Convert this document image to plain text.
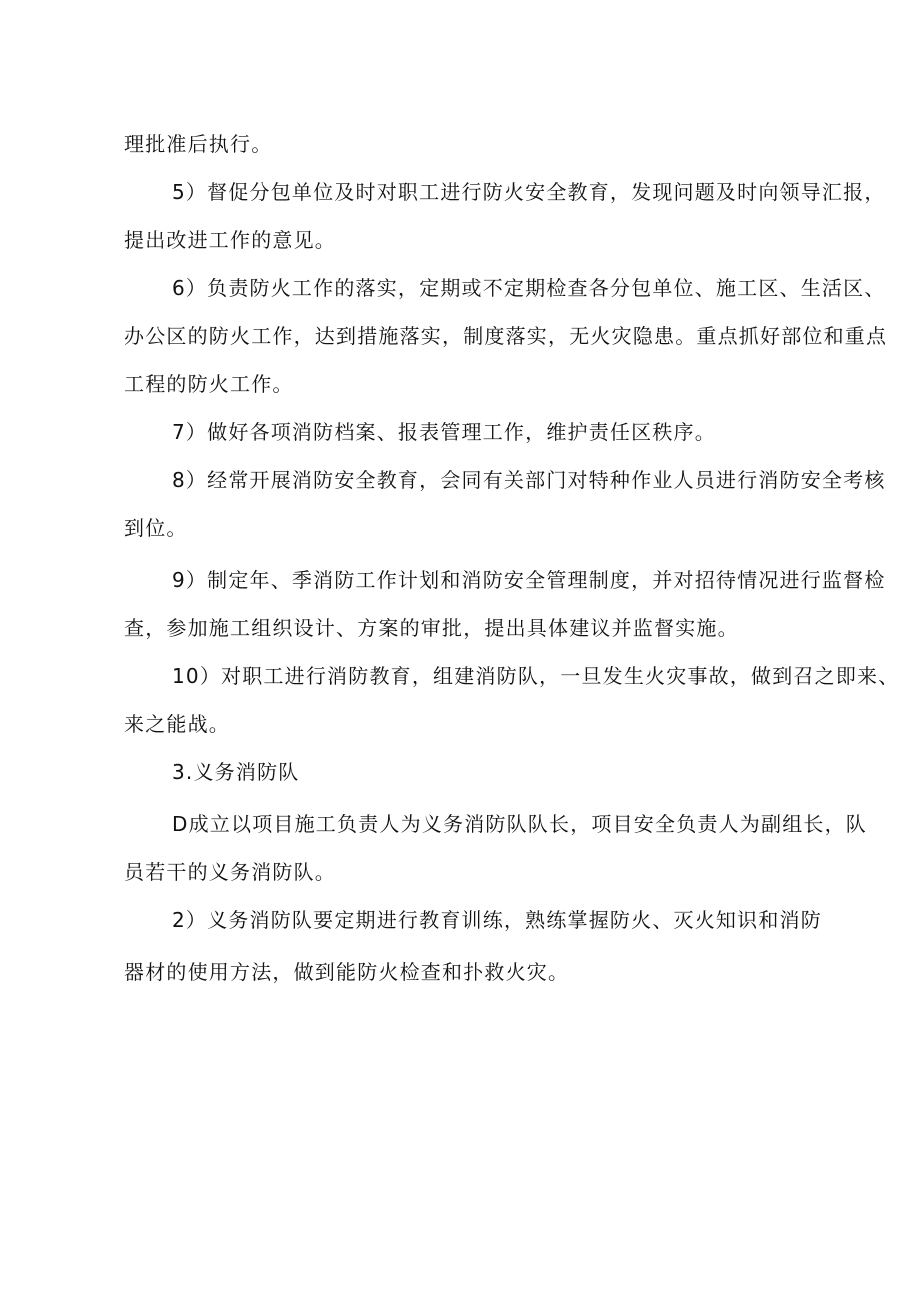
理批准后执行。
5）督促分包单位及时对职工进行防火安全教育，发现问题及时向领导汇报，
提出改进工作的意见。
6）负责防火工作的落实，定期或不定期检查各分包单位、施工区、生活区、
办公区的防火工作，达到措施落实，制度落实，无火灾隐患。重点抓好部位和重点
工程的防火工作。
7）做好各项消防档案、报表管理工作，维护责任区秩序。
8）经常开展消防安全教育，会同有关部门对特种作业人员进行消防安全考核
到位。
9）制定年、季消防工作计划和消防安全管理制度，并对招待情况进行监督检
查，参加施工组织设计、方案的审批，提出具体建议并监督实施。
10）对职工进行消防教育，组建消防队，一旦发生火灾事故，做到召之即来、
来之能战。
3.义务消防队
D成立以项目施工负责人为义务消防队队长，项目安全负责人为副组长，队
员若干的义务消防队。
2）义务消防队要定期进行教育训练，熟练掌握防火、灭火知识和消防
器材的使用方法，做到能防火检查和扑救火灾。
